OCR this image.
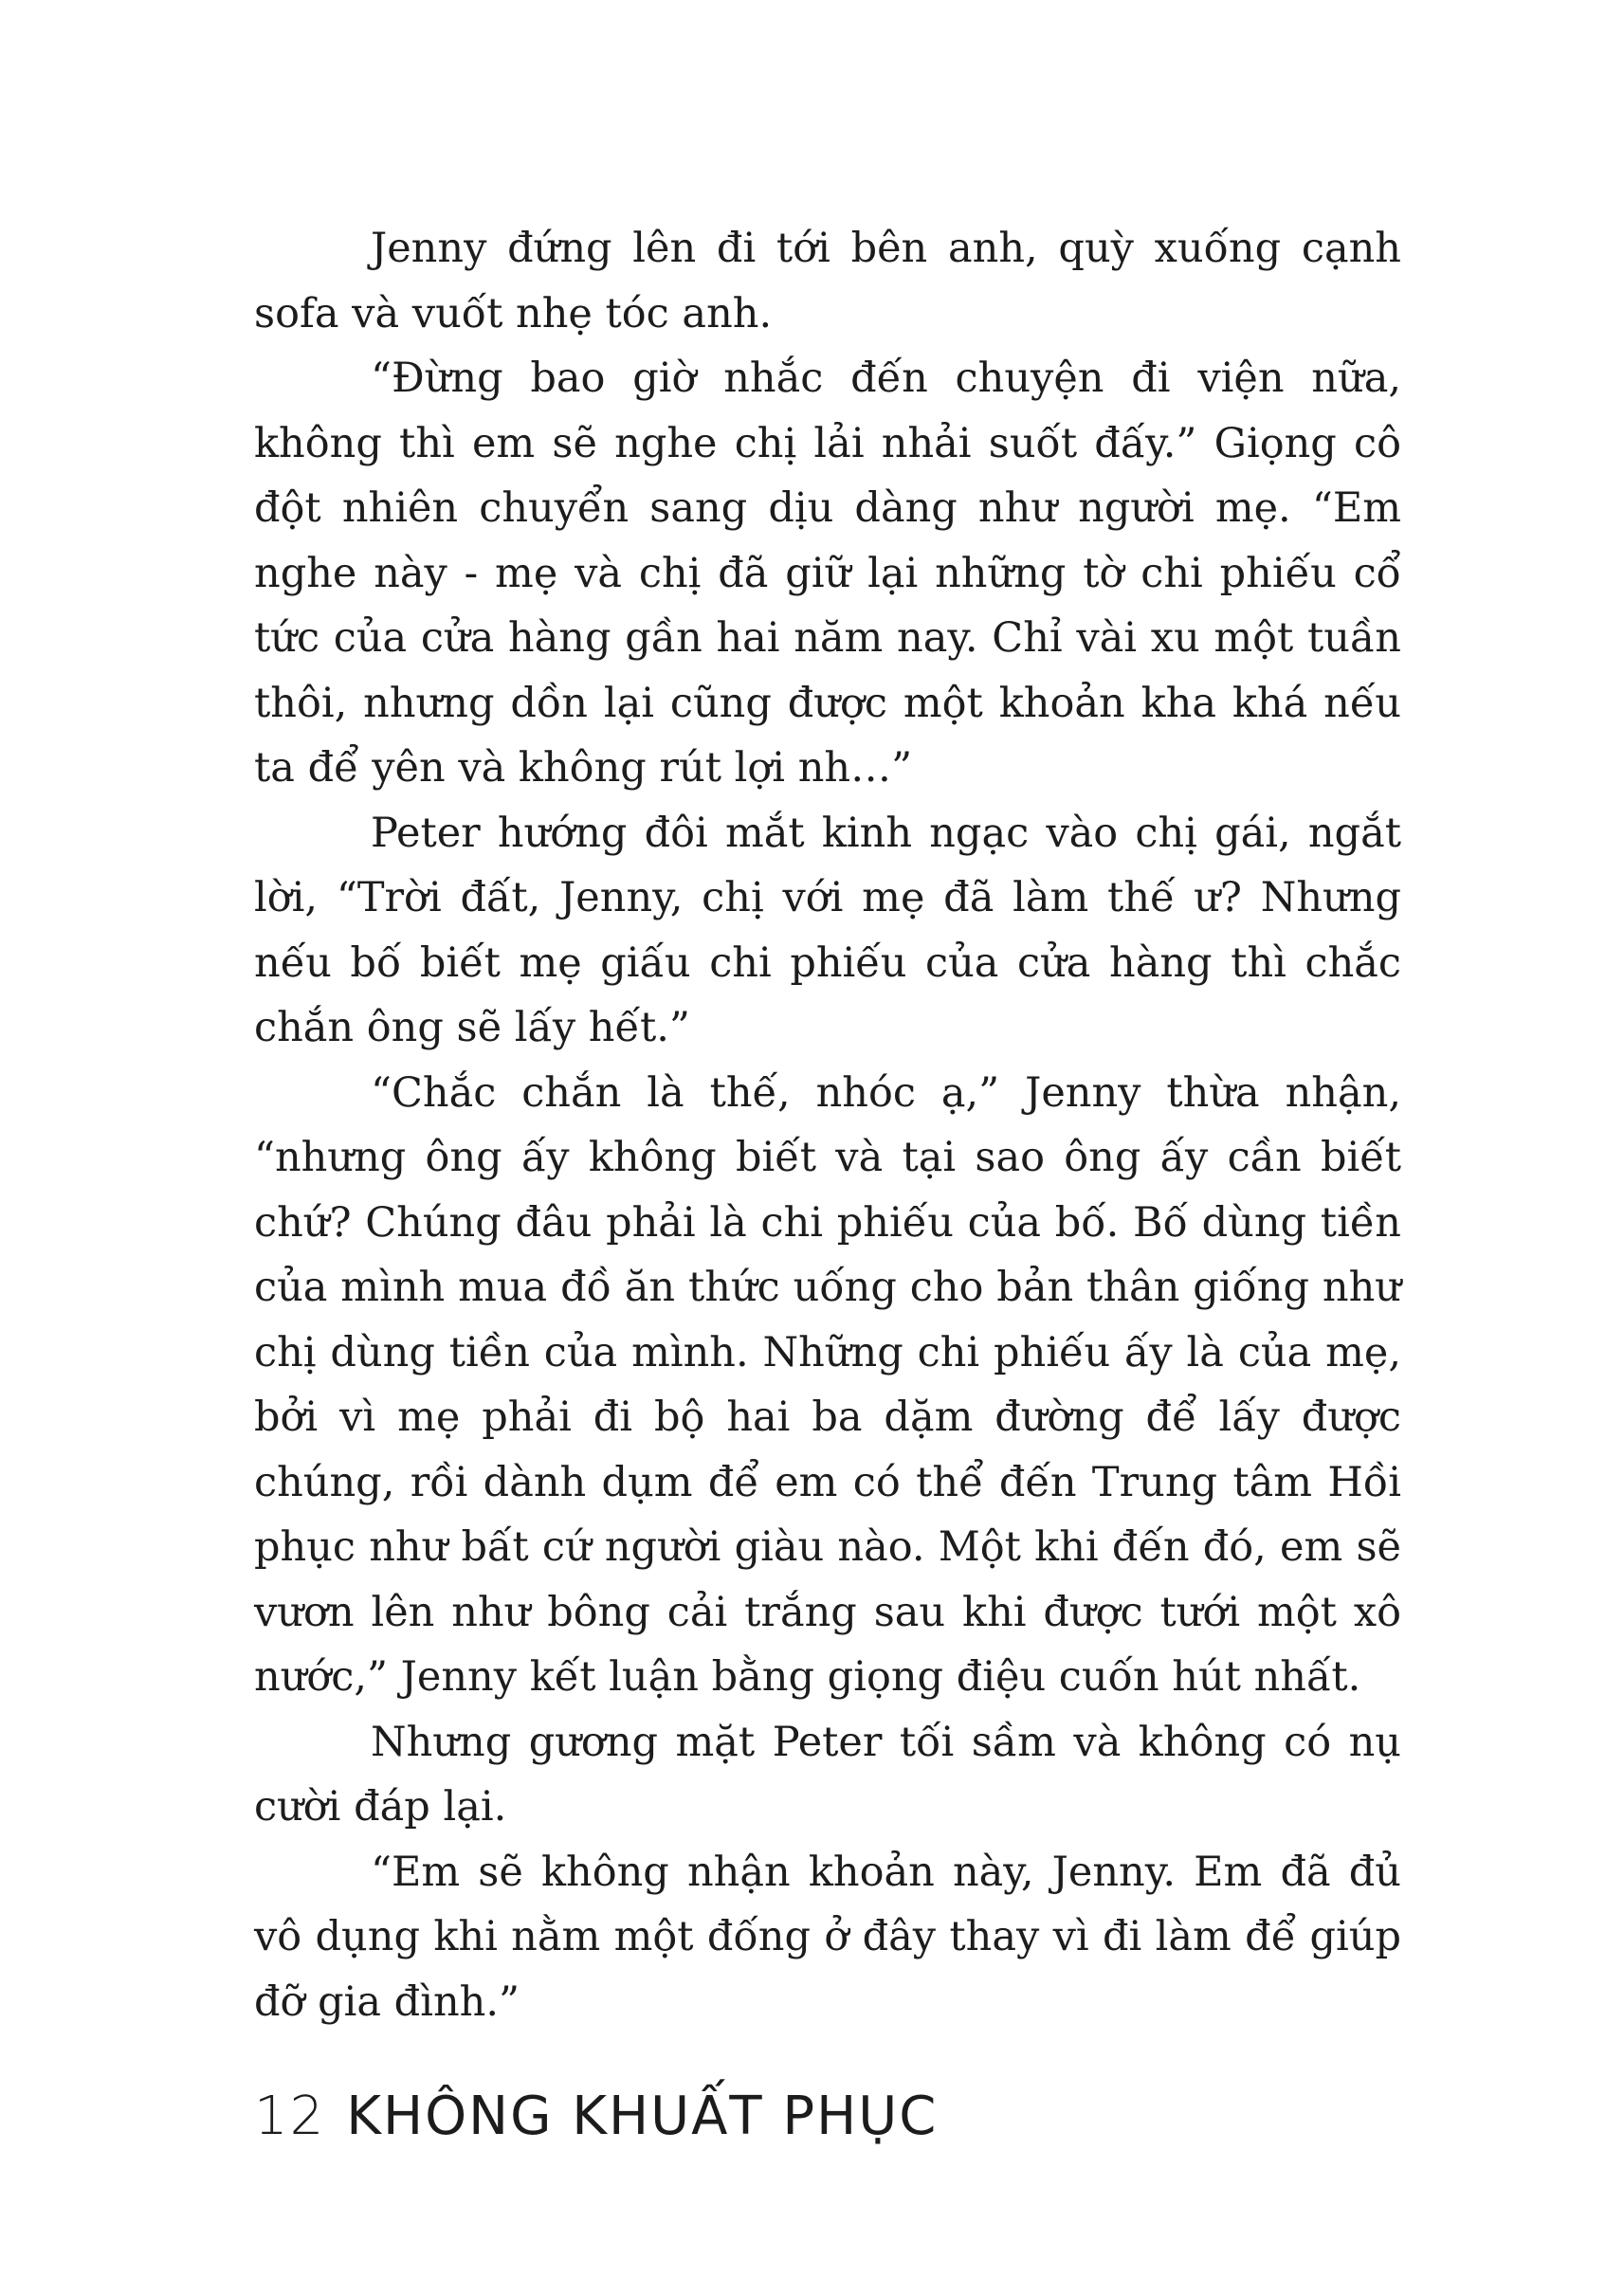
Jenny đứng lên đi tới bên anh, quỳ xuống cạnh sofa và vuốt nhẹ tóc anh.

“Đừng bao giờ nhắc đến chuyện đi viện nữa, không thì em sẽ nghe chị lải nhải suốt đấy.” Giọng cô đột nhiên chuyển sang dịu dàng như người mẹ. “Em nghe này - mẹ và chị đã giữ lại những tờ chi phiếu cổ tức của cửa hàng gần hai năm nay. Chỉ vài xu một tuần thôi, nhưng dồn lại cũng được một khoản kha khá nếu ta để yên và không rút lợi nh…”

Peter hướng đôi mắt kinh ngạc vào chị gái, ngắt lời, “Trời đất, Jenny, chị với mẹ đã làm thế ư? Nhưng nếu bố biết mẹ giấu chi phiếu của cửa hàng thì chắc chắn ông sẽ lấy hết.”

“Chắc chắn là thế, nhóc ạ,” Jenny thừa nhận, “nhưng ông ấy không biết và tại sao ông ấy cần biết chứ? Chúng đâu phải là chi phiếu của bố. Bố dùng tiền của mình mua đồ ăn thức uống cho bản thân giống như chị dùng tiền của mình. Những chi phiếu ấy là của mẹ, bởi vì mẹ phải đi bộ hai ba dặm đường để lấy được chúng, rồi dành dụm để em có thể đến Trung tâm Hồi phục như bất cứ người giàu nào. Một khi đến đó, em sẽ vươn lên như bông cải trắng sau khi được tưới một xô nước,” Jenny kết luận bằng giọng điệu cuốn hút nhất.

Nhưng gương mặt Peter tối sầm và không có nụ cười đáp lại.

“Em sẽ không nhận khoản này, Jenny. Em đã đủ vô dụng khi nằm một đống ở đây thay vì đi làm để giúp đỡ gia đình.”

12 KHÔNG KHUẤT PHỤC
